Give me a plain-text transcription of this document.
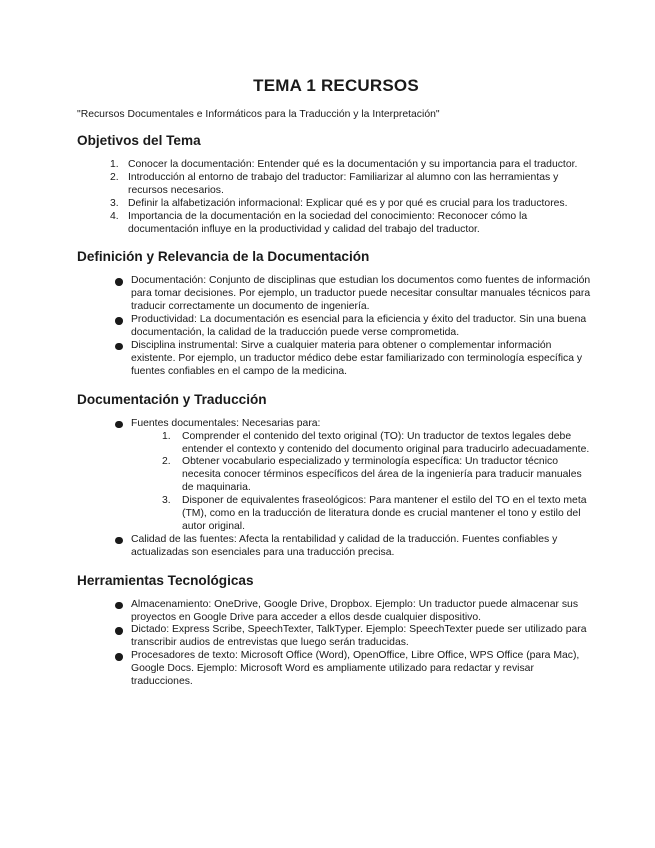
TEMA 1 RECURSOS
"Recursos Documentales e Informáticos para la Traducción y la Interpretación"
Objetivos del Tema
1. Conocer la documentación: Entender qué es la documentación y su importancia para el traductor.
2. Introducción al entorno de trabajo del traductor: Familiarizar al alumno con las herramientas y recursos necesarios.
3. Definir la alfabetización informacional: Explicar qué es y por qué es crucial para los traductores.
4. Importancia de la documentación en la sociedad del conocimiento: Reconocer cómo la documentación influye en la productividad y calidad del trabajo del traductor.
Definición y Relevancia de la Documentación
Documentación: Conjunto de disciplinas que estudian los documentos como fuentes de información para tomar decisiones. Por ejemplo, un traductor puede necesitar consultar manuales técnicos para traducir correctamente un documento de ingeniería.
Productividad: La documentación es esencial para la eficiencia y éxito del traductor. Sin una buena documentación, la calidad de la traducción puede verse comprometida.
Disciplina instrumental: Sirve a cualquier materia para obtener o complementar información existente. Por ejemplo, un traductor médico debe estar familiarizado con terminología específica y fuentes confiables en el campo de la medicina.
Documentación y Traducción
Fuentes documentales: Necesarias para:
1. Comprender el contenido del texto original (TO): Un traductor de textos legales debe entender el contexto y contenido del documento original para traducirlo adecuadamente.
2. Obtener vocabulario especializado y terminología específica: Un traductor técnico necesita conocer términos específicos del área de la ingeniería para traducir manuales de maquinaria.
3. Disponer de equivalentes fraseológicos: Para mantener el estilo del TO en el texto meta (TM), como en la traducción de literatura donde es crucial mantener el tono y estilo del autor original.
Calidad de las fuentes: Afecta la rentabilidad y calidad de la traducción. Fuentes confiables y actualizadas son esenciales para una traducción precisa.
Herramientas Tecnológicas
Almacenamiento: OneDrive, Google Drive, Dropbox. Ejemplo: Un traductor puede almacenar sus proyectos en Google Drive para acceder a ellos desde cualquier dispositivo.
Dictado: Express Scribe, SpeechTexter, TalkTyper. Ejemplo: SpeechTexter puede ser utilizado para transcribir audios de entrevistas que luego serán traducidas.
Procesadores de texto: Microsoft Office (Word), OpenOffice, Libre Office, WPS Office (para Mac), Google Docs. Ejemplo: Microsoft Word es ampliamente utilizado para redactar y revisar traducciones.
